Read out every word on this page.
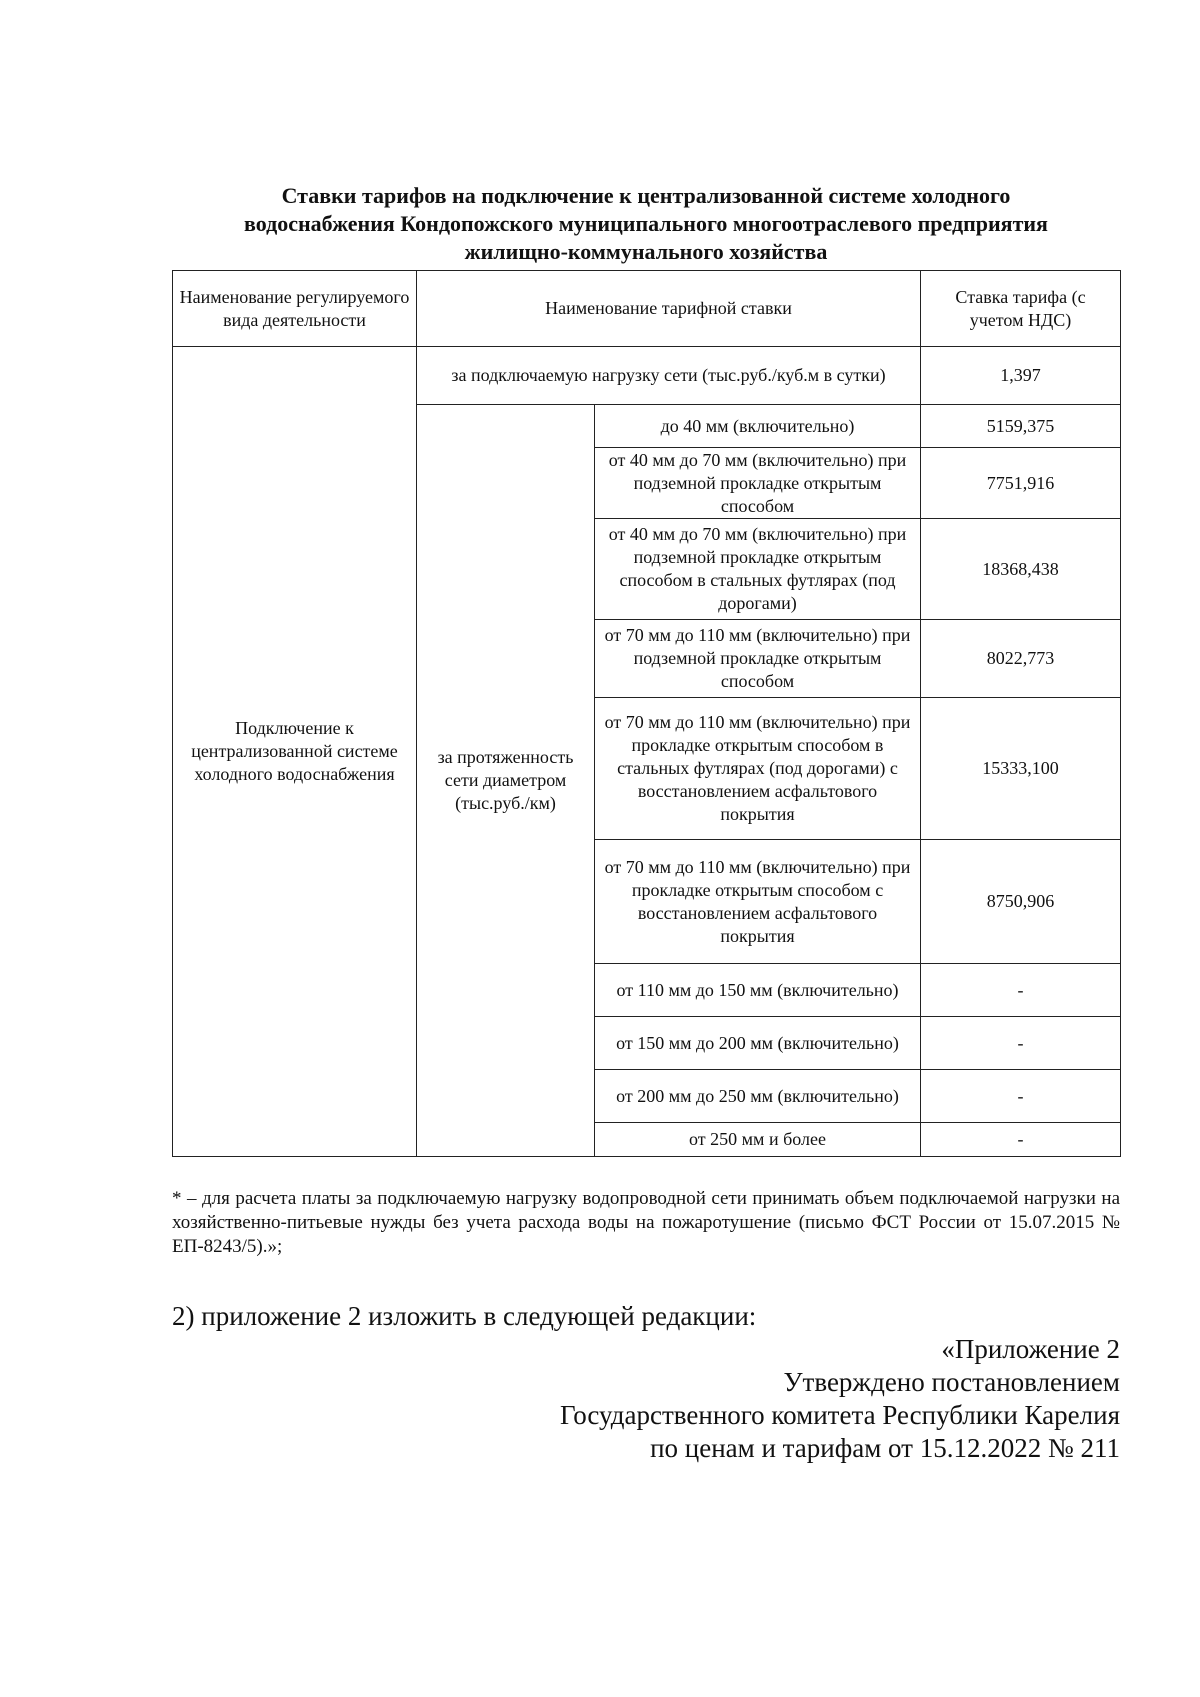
Ставки тарифов на подключение к централизованной системе холодного
водоснабжения Кондопожского муниципального многоотраслевого предприятия
жилищно-коммунального хозяйства
Наименование регулируемого вида деятельности	Наименование тарифной ставки		Ставка тарифа (с учетом НДС)
Подключение к централизованной системе холодного водоснабжения	за подключаемую нагрузку сети (тыс.руб./куб.м в сутки)		1,397
	за протяженность сети диаметром (тыс.руб./км)	до 40 мм (включительно)	5159,375
		от 40 мм до 70 мм (включительно) при подземной прокладке открытым способом	7751,916
		от 40 мм до 70 мм (включительно) при подземной прокладке открытым способом в стальных футлярах (под дорогами)	18368,438
		от 70 мм до 110 мм (включительно) при подземной прокладке открытым способом	8022,773
		от 70 мм до 110 мм (включительно) при прокладке открытым способом в стальных футлярах (под дорогами) с восстановлением асфальтового покрытия	15333,100
		от 70 мм до 110 мм (включительно) при прокладке открытым способом с восстановлением асфальтового покрытия	8750,906
		от 110 мм до 150 мм (включительно)	-
		от 150 мм до 200 мм (включительно)	-
		от 200 мм до 250 мм (включительно)	-
		от 250 мм и более	-
* – для расчета платы за подключаемую нагрузку водопроводной сети принимать объем подключаемой нагрузки на хозяйственно-питьевые нужды без учета расхода воды на пожаротушение (письмо ФСТ России от 15.07.2015 № ЕП-8243/5).»;
2) приложение 2 изложить в следующей редакции:
«Приложение 2
Утверждено постановлением
Государственного комитета Республики Карелия
по ценам и тарифам от 15.12.2022 № 211
